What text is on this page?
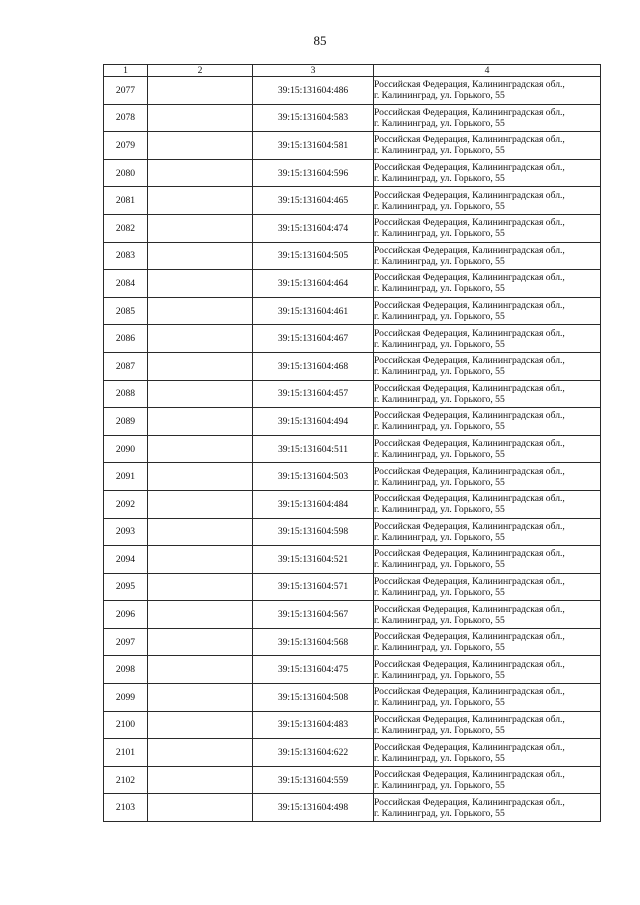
85
1	2	3	4
2077		39:15:131604:486	Российская Федерация, Калининградская обл.,
г. Калининград, ул. Горького, 55

2078		39:15:131604:583	Российская Федерация, Калининградская обл.,
г. Калининград, ул. Горького, 55

2079		39:15:131604:581	Российская Федерация, Калининградская обл.,
г. Калининград, ул. Горького, 55

2080		39:15:131604:596	Российская Федерация, Калининградская обл.,
г. Калининград, ул. Горького, 55

2081		39:15:131604:465	Российская Федерация, Калининградская обл.,
г. Калининград, ул. Горького, 55

2082		39:15:131604:474	Российская Федерация, Калининградская обл.,
г. Калининград, ул. Горького, 55

2083		39:15:131604:505	Российская Федерация, Калининградская обл.,
г. Калининград, ул. Горького, 55

2084		39:15:131604:464	Российская Федерация, Калининградская обл.,
г. Калининград, ул. Горького, 55

2085		39:15:131604:461	Российская Федерация, Калининградская обл.,
г. Калининград, ул. Горького, 55

2086		39:15:131604:467	Российская Федерация, Калининградская обл.,
г. Калининград, ул. Горького, 55

2087		39:15:131604:468	Российская Федерация, Калининградская обл.,
г. Калининград, ул. Горького, 55

2088		39:15:131604:457	Российская Федерация, Калининградская обл.,
г. Калининград, ул. Горького, 55

2089		39:15:131604:494	Российская Федерация, Калининградская обл.,
г. Калининград, ул. Горького, 55

2090		39:15:131604:511	Российская Федерация, Калининградская обл.,
г. Калининград, ул. Горького, 55

2091		39:15:131604:503	Российская Федерация, Калининградская обл.,
г. Калининград, ул. Горького, 55

2092		39:15:131604:484	Российская Федерация, Калининградская обл.,
г. Калининград, ул. Горького, 55

2093		39:15:131604:598	Российская Федерация, Калининградская обл.,
г. Калининград, ул. Горького, 55

2094		39:15:131604:521	Российская Федерация, Калининградская обл.,
г. Калининград, ул. Горького, 55

2095		39:15:131604:571	Российская Федерация, Калининградская обл.,
г. Калининград, ул. Горького, 55

2096		39:15:131604:567	Российская Федерация, Калининградская обл.,
г. Калининград, ул. Горького, 55

2097		39:15:131604:568	Российская Федерация, Калининградская обл.,
г. Калининград, ул. Горького, 55

2098		39:15:131604:475	Российская Федерация, Калининградская обл.,
г. Калининград, ул. Горького, 55

2099		39:15:131604:508	Российская Федерация, Калининградская обл.,
г. Калининград, ул. Горького, 55

2100		39:15:131604:483	Российская Федерация, Калининградская обл.,
г. Калининград, ул. Горького, 55

2101		39:15:131604:622	Российская Федерация, Калининградская обл.,
г. Калининград, ул. Горького, 55

2102		39:15:131604:559	Российская Федерация, Калининградская обл.,
г. Калининград, ул. Горького, 55

2103		39:15:131604:498	Российская Федерация, Калининградская обл.,
г. Калининград, ул. Горького, 55
